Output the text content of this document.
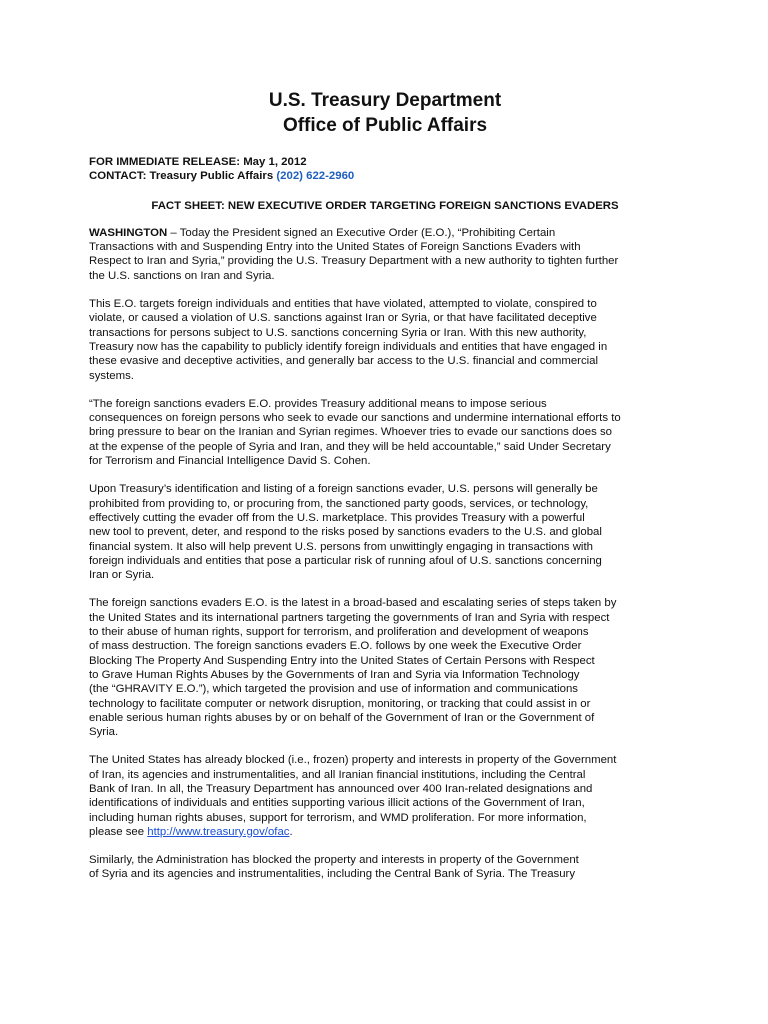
U.S. Treasury Department
Office of Public Affairs
FOR IMMEDIATE RELEASE: May 1, 2012
CONTACT: Treasury Public Affairs (202) 622-2960
FACT SHEET: NEW EXECUTIVE ORDER TARGETING FOREIGN SANCTIONS EVADERS
WASHINGTON – Today the President signed an Executive Order (E.O.), “Prohibiting Certain
Transactions with and Suspending Entry into the United States of Foreign Sanctions Evaders with
Respect to Iran and Syria,” providing the U.S. Treasury Department with a new authority to tighten further
the U.S. sanctions on Iran and Syria.
This E.O. targets foreign individuals and entities that have violated, attempted to violate, conspired to
violate, or caused a violation of U.S. sanctions against Iran or Syria, or that have facilitated deceptive
transactions for persons subject to U.S. sanctions concerning Syria or Iran. With this new authority,
Treasury now has the capability to publicly identify foreign individuals and entities that have engaged in
these evasive and deceptive activities, and generally bar access to the U.S. financial and commercial
systems.
“The foreign sanctions evaders E.O. provides Treasury additional means to impose serious
consequences on foreign persons who seek to evade our sanctions and undermine international efforts to
bring pressure to bear on the Iranian and Syrian regimes. Whoever tries to evade our sanctions does so
at the expense of the people of Syria and Iran, and they will be held accountable,” said Under Secretary
for Terrorism and Financial Intelligence David S. Cohen.
Upon Treasury’s identification and listing of a foreign sanctions evader, U.S. persons will generally be
prohibited from providing to, or procuring from, the sanctioned party goods, services, or technology,
effectively cutting the evader off from the U.S. marketplace. This provides Treasury with a powerful
new tool to prevent, deter, and respond to the risks posed by sanctions evaders to the U.S. and global
financial system. It also will help prevent U.S. persons from unwittingly engaging in transactions with
foreign individuals and entities that pose a particular risk of running afoul of U.S. sanctions concerning
Iran or Syria.
The foreign sanctions evaders E.O. is the latest in a broad-based and escalating series of steps taken by
the United States and its international partners targeting the governments of Iran and Syria with respect
to their abuse of human rights, support for terrorism, and proliferation and development of weapons
of mass destruction. The foreign sanctions evaders E.O. follows by one week the Executive Order
Blocking The Property And Suspending Entry into the United States of Certain Persons with Respect
to Grave Human Rights Abuses by the Governments of Iran and Syria via Information Technology
(the “GHRAVITY E.O.”), which targeted the provision and use of information and communications
technology to facilitate computer or network disruption, monitoring, or tracking that could assist in or
enable serious human rights abuses by or on behalf of the Government of Iran or the Government of
Syria.
The United States has already blocked (i.e., frozen) property and interests in property of the Government
of Iran, its agencies and instrumentalities, and all Iranian financial institutions, including the Central
Bank of Iran. In all, the Treasury Department has announced over 400 Iran-related designations and
identifications of individuals and entities supporting various illicit actions of the Government of Iran,
including human rights abuses, support for terrorism, and WMD proliferation. For more information,
please see http://www.treasury.gov/ofac.
Similarly, the Administration has blocked the property and interests in property of the Government
of Syria and its agencies and instrumentalities, including the Central Bank of Syria. The Treasury
